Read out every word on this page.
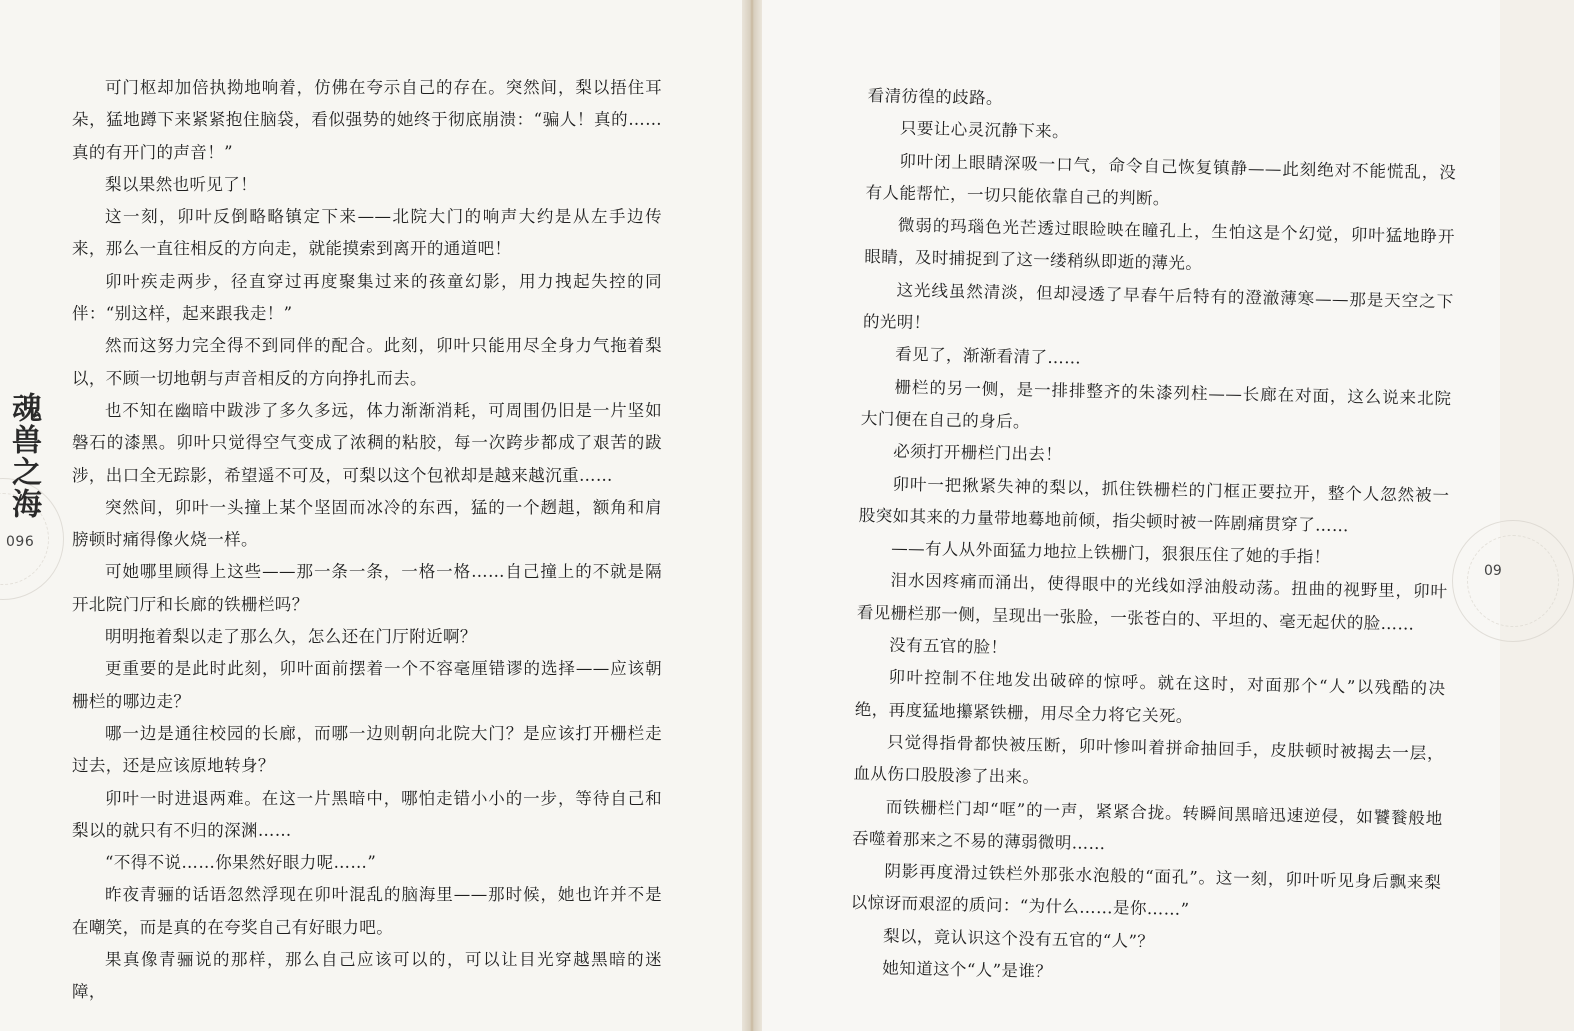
魂兽之海
096

可门枢却加倍执拗地响着，仿佛在夸示自己的存在。突然间，梨以捂住耳朵，猛地蹲下来紧紧抱住脑袋，看似强势的她终于彻底崩溃：“骗人！真的……真的有开门的声音！”

梨以果然也听见了！

这一刻，卯叶反倒略略镇定下来——北院大门的响声大约是从左手边传来，那么一直往相反的方向走，就能摸索到离开的通道吧！

卯叶疾走两步，径直穿过再度聚集过来的孩童幻影，用力拽起失控的同伴：“别这样，起来跟我走！”

然而这努力完全得不到同伴的配合。此刻，卯叶只能用尽全身力气拖着梨以，不顾一切地朝与声音相反的方向挣扎而去。

也不知在幽暗中跋涉了多久多远，体力渐渐消耗，可周围仍旧是一片坚如磐石的漆黑。卯叶只觉得空气变成了浓稠的粘胶，每一次跨步都成了艰苦的跋涉，出口全无踪影，希望遥不可及，可梨以这个包袱却是越来越沉重……

突然间，卯叶一头撞上某个坚固而冰冷的东西，猛的一个趔趄，额角和肩膀顿时痛得像火烧一样。

可她哪里顾得上这些——那一条一条，一格一格……自己撞上的不就是隔开北院门厅和长廊的铁栅栏吗？

明明拖着梨以走了那么久，怎么还在门厅附近啊？

更重要的是此时此刻，卯叶面前摆着一个不容毫厘错谬的选择——应该朝栅栏的哪边走？

哪一边是通往校园的长廊，而哪一边则朝向北院大门？是应该打开栅栏走过去，还是应该原地转身？

卯叶一时进退两难。在这一片黑暗中，哪怕走错小小的一步，等待自己和梨以的就只有不归的深渊……

“不得不说……你果然好眼力呢……”

昨夜青骊的话语忽然浮现在卯叶混乱的脑海里——那时候，她也许并不是在嘲笑，而是真的在夸奖自己有好眼力吧。

果真像青骊说的那样，那么自己应该可以的，可以让目光穿越黑暗的迷障，

09

看清彷徨的歧路。

只要让心灵沉静下来。

卯叶闭上眼睛深吸一口气，命令自己恢复镇静——此刻绝对不能慌乱，没有人能帮忙，一切只能依靠自己的判断。

微弱的玛瑙色光芒透过眼睑映在瞳孔上，生怕这是个幻觉，卯叶猛地睁开眼睛，及时捕捉到了这一缕稍纵即逝的薄光。

这光线虽然清淡，但却浸透了早春午后特有的澄澈薄寒——那是天空之下的光明！

看见了，渐渐看清了……

栅栏的另一侧，是一排排整齐的朱漆列柱——长廊在对面，这么说来北院大门便在自己的身后。

必须打开栅栏门出去！

卯叶一把揪紧失神的梨以，抓住铁栅栏的门框正要拉开，整个人忽然被一股突如其来的力量带地蓦地前倾，指尖顿时被一阵剧痛贯穿了……

——有人从外面猛力地拉上铁栅门，狠狠压住了她的手指！

泪水因疼痛而涌出，使得眼中的光线如浮油般动荡。扭曲的视野里，卯叶看见栅栏那一侧，呈现出一张脸，一张苍白的、平坦的、毫无起伏的脸……

没有五官的脸！

卯叶控制不住地发出破碎的惊呼。就在这时，对面那个“人”以残酷的决绝，再度猛地攥紧铁栅，用尽全力将它关死。

只觉得指骨都快被压断，卯叶惨叫着拼命抽回手，皮肤顿时被揭去一层，血从伤口股股渗了出来。

而铁栅栏门却“哐”的一声，紧紧合拢。转瞬间黑暗迅速逆侵，如饕餮般地吞噬着那来之不易的薄弱微明……

阴影再度滑过铁栏外那张水泡般的“面孔”。这一刻，卯叶听见身后飘来梨以惊讶而艰涩的质问：“为什么……是你……”

梨以，竟认识这个没有五官的“人”？

她知道这个“人”是谁？
